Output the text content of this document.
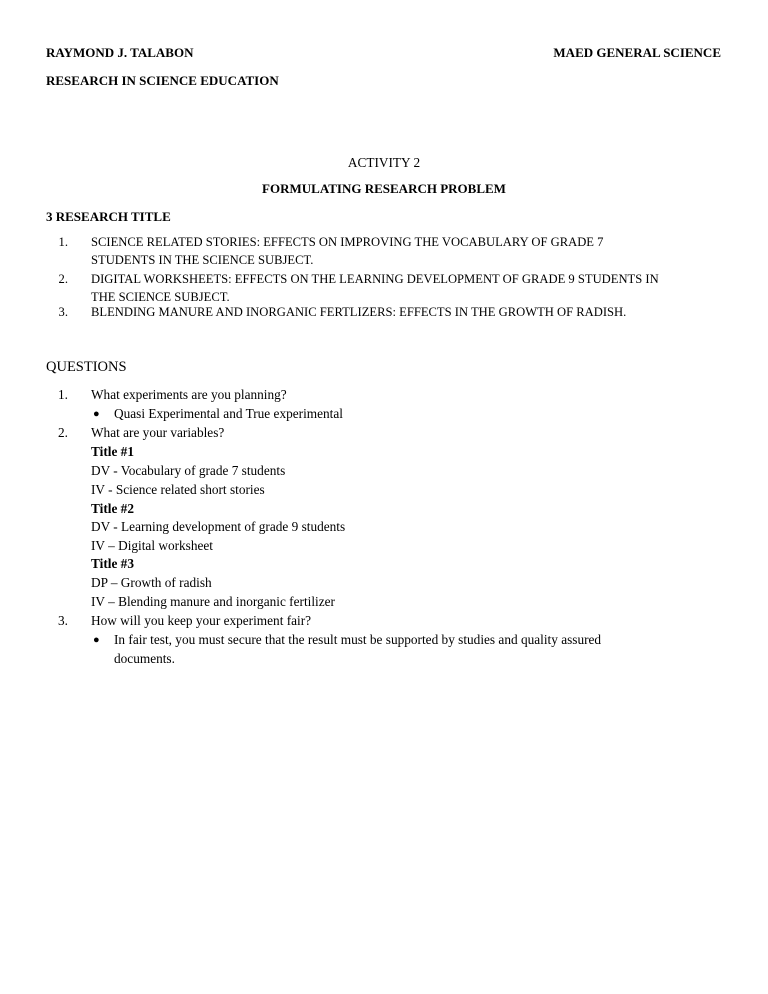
RAYMOND J. TALABON	MAED GENERAL SCIENCE
RESEARCH IN SCIENCE EDUCATION
ACTIVITY 2
FORMULATING RESEARCH PROBLEM
3 RESEARCH TITLE
1. SCIENCE RELATED STORIES: EFFECTS ON IMPROVING THE VOCABULARY OF GRADE 7
STUDENTS IN THE SCIENCE SUBJECT.
2. DIGITAL WORKSHEETS: EFFECTS ON THE LEARNING DEVELOPMENT OF GRADE 9 STUDENTS IN
THE SCIENCE SUBJECT.
3. BLENDING MANURE AND INORGANIC FERTLIZERS: EFFECTS IN THE GROWTH OF RADISH.
QUESTIONS
1. What experiments are you planning?
● Quasi Experimental and True experimental
2. What are your variables?
Title #1
DV - Vocabulary of grade 7 students
IV - Science related short stories
Title #2
DV - Learning development of grade 9 students
IV – Digital worksheet
Title #3
DP – Growth of radish
IV – Blending manure and inorganic fertilizer
3. How will you keep your experiment fair?
● In fair test, you must secure that the result must be supported by studies and quality assured
documents.
